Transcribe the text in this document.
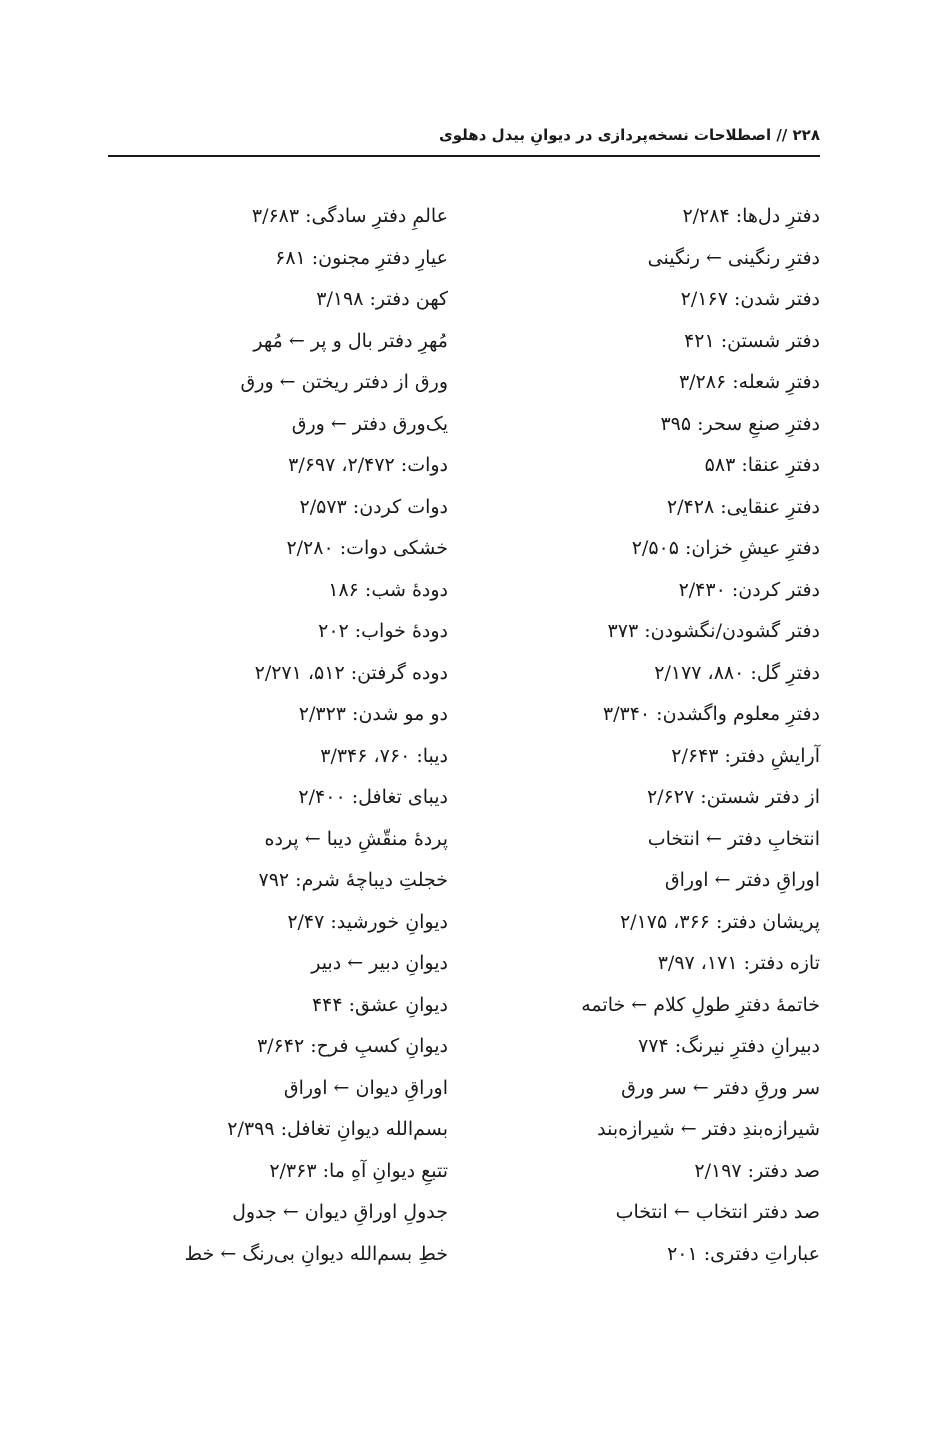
۲۲۸ // اصطلاحات نسخه‌پردازی در دیوانِ بیدل دهلوی
دفترِ دل‌ها: ۲/۲۸۴
دفترِ رنگینی ← رنگینی
دفتر شدن: ۲/۱۶۷
دفتر شستن: ۴۲۱
دفترِ شعله: ۳/۲۸۶
دفترِ صنعِ سحر: ۳۹۵
دفترِ عنقا: ۵۸۳
دفترِ عنقایی: ۲/۴۲۸
دفترِ عیشِ خزان: ۲/۵۰۵
دفتر کردن: ۲/۴۳۰
دفتر گشودن/نگشودن: ۳۷۳
دفترِ گل: ۸۸۰، ۲/۱۷۷
دفترِ معلوم واگشدن: ۳/۳۴۰
آرایشِ دفتر: ۲/۶۴۳
از دفتر شستن: ۲/۶۲۷
انتخابِ دفتر ← انتخاب
اوراقِ دفتر ← اوراق
پریشان دفتر: ۳۶۶، ۲/۱۷۵
تازه دفتر: ۱۷۱، ۳/۹۷
خاتمهٔ دفترِ طولِ کلام ← خاتمه
دبیرانِ دفترِ نیرنگ: ۷۷۴
سر ورقِ دفتر ← سر ورق
شیرازه‌بندِ دفتر ← شیرازه‌بند
صد دفتر: ۲/۱۹۷
صد دفتر انتخاب ← انتخاب
عباراتِ دفتری: ۲۰۱
عالمِ دفترِ سادگی: ۳/۶۸۳
عیارِ دفترِ مجنون: ۶۸۱
کهن دفتر: ۳/۱۹۸
مُهرِ دفتر بال و پر ← مُهر
ورق از دفتر ریختن ← ورق
یک‌ورق دفتر ← ورق
دوات: ۲/۴۷۲، ۳/۶۹۷
دوات کردن: ۲/۵۷۳
خشکی دوات: ۲/۲۸۰
دودهٔ شب: ۱۸۶
دودهٔ خواب: ۲۰۲
دوده گرفتن: ۵۱۲، ۲/۲۷۱
دو مو شدن: ۲/۳۲۳
دیبا: ۷۶۰، ۳/۳۴۶
دیبای تغافل: ۲/۴۰۰
پردهٔ منقّشِ دیبا ← پرده
خجلتِ دیباچهٔ شرم: ۷۹۲
دیوانِ خورشید: ۲/۴۷
دیوانِ دبیر ← دبیر
دیوانِ عشق: ۴۴۴
دیوانِ کسبِ فرح: ۳/۶۴۲
اوراقِ دیوان ← اوراق
بسم‌الله دیوانِ تغافل: ۲/۳۹۹
تتبعِ دیوانِ آهِ ما: ۲/۳۶۳
جدولِ اوراقِ دیوان ← جدول
خطِ بسم‌الله دیوانِ بی‌رنگ ← خط
